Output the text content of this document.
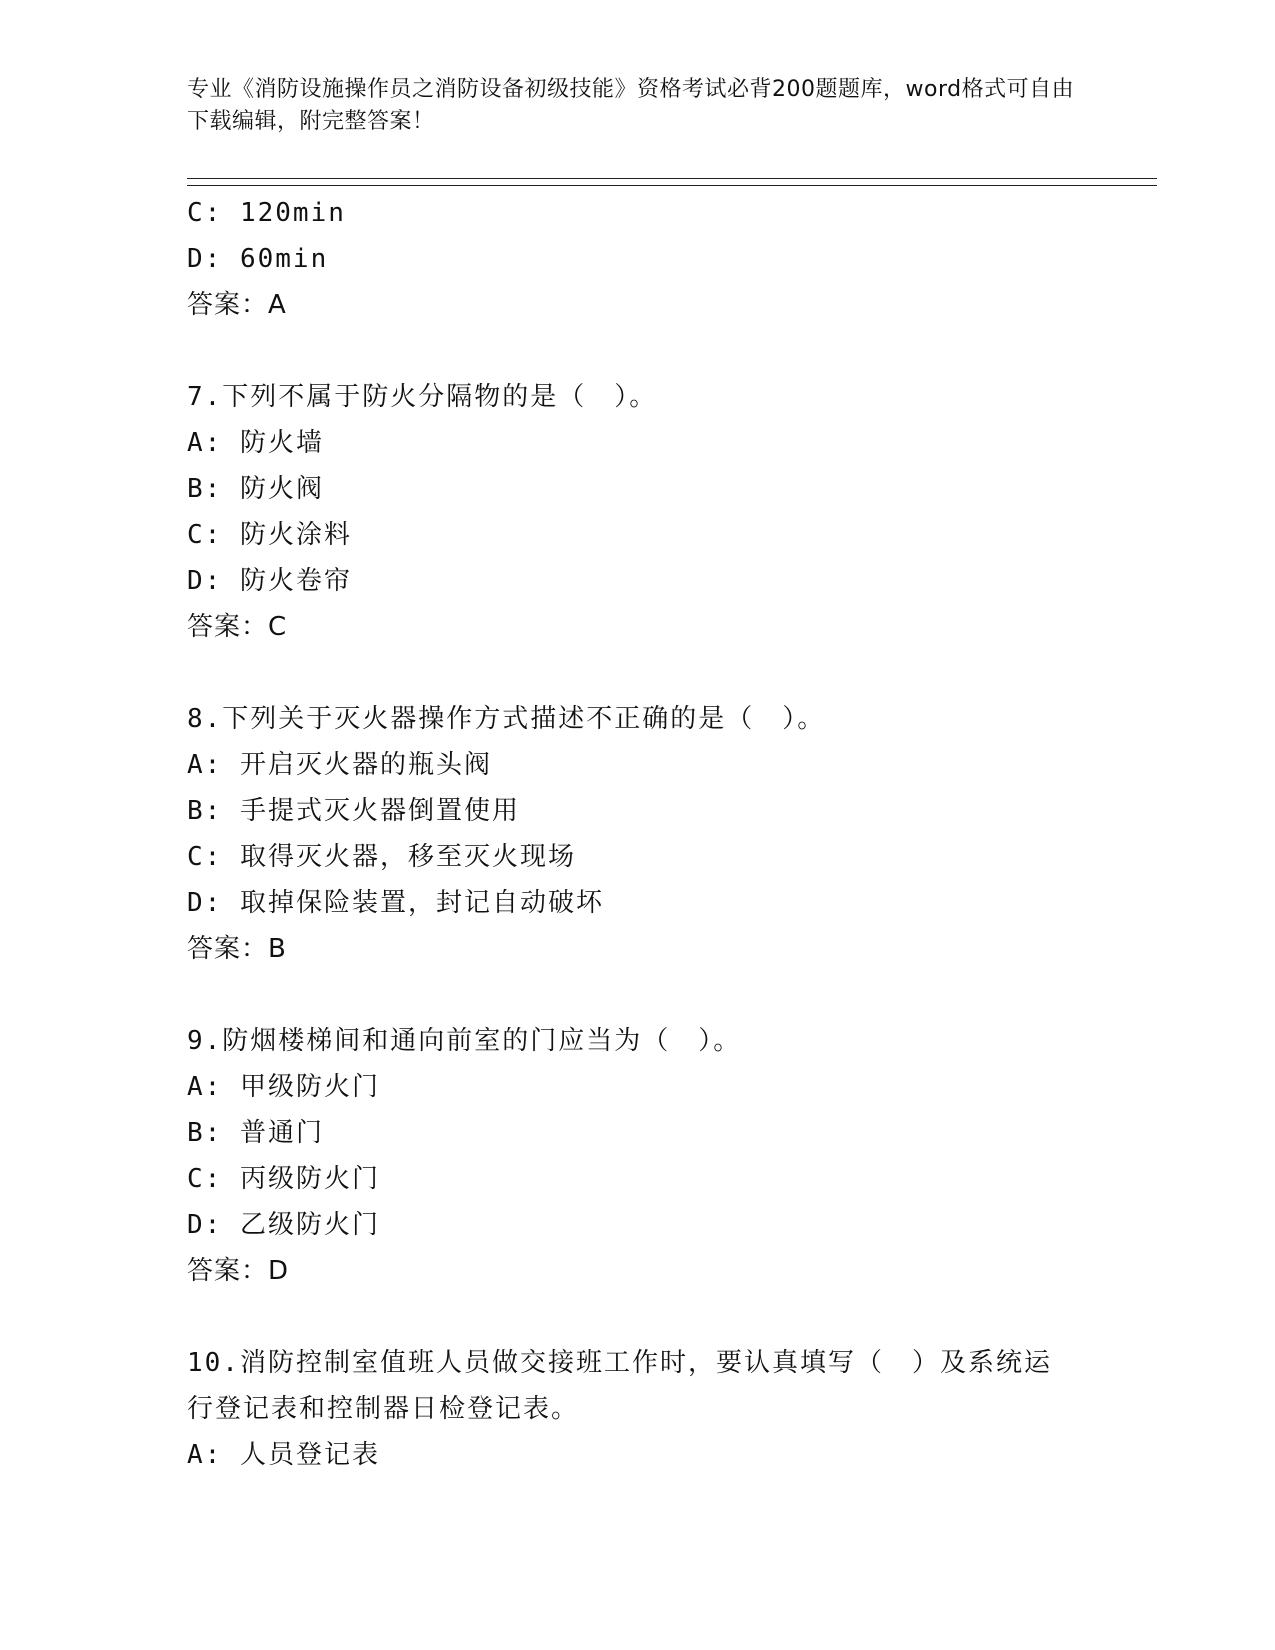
专业《消防设施操作员之消防设备初级技能》资格考试必背200题题库，word格式可自由下载编辑，附完整答案！
C: 120min
D: 60min
答案：A
7.下列不属于防火分隔物的是（　）。
A: 防火墙
B: 防火阀
C: 防火涂料
D: 防火卷帘
答案：C
8.下列关于灭火器操作方式描述不正确的是（　）。
A: 开启灭火器的瓶头阀
B: 手提式灭火器倒置使用
C: 取得灭火器，移至灭火现场
D: 取掉保险装置，封记自动破坏
答案：B
9.防烟楼梯间和通向前室的门应当为（　）。
A: 甲级防火门
B: 普通门
C: 丙级防火门
D: 乙级防火门
答案：D
10.消防控制室值班人员做交接班工作时，要认真填写（　）及系统运
行登记表和控制器日检登记表。
A: 人员登记表
